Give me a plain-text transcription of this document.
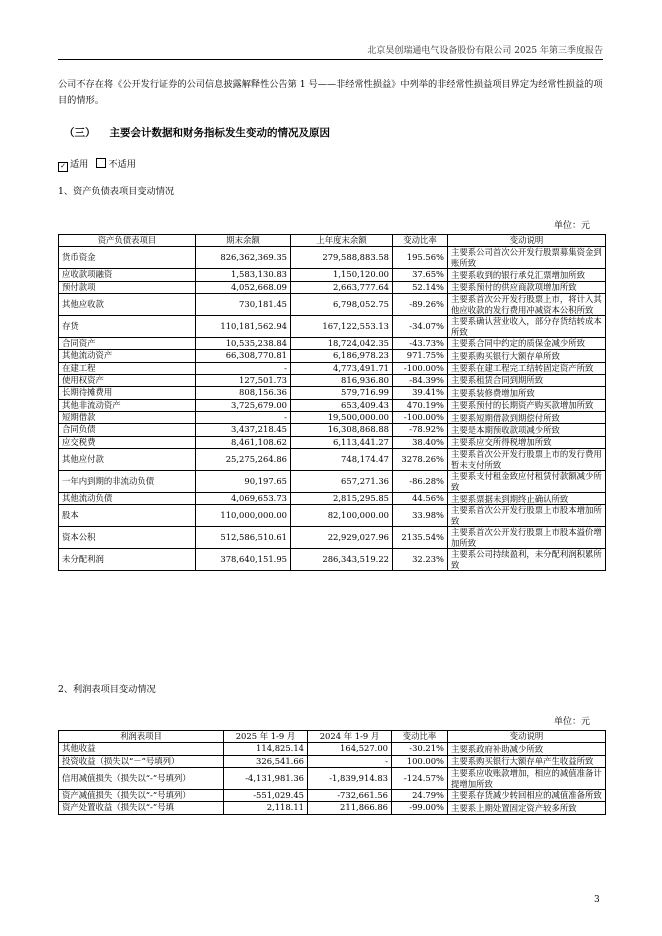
北京昊创瑞通电气设备股份有限公司 2025 年第三季度报告
公司不存在将《公开发行证券的公司信息披露解释性公告第 1 号——非经常性损益》中列举的非经常性损益项目界定为经常性损益的项目的情形。
（三） 主要会计数据和财务指标发生变动的情况及原因
✓ 适用 不适用
1、资产负债表项目变动情况
单位：元
资产负债表项目	期末余额	上年度末余额	变动比率	变动说明
货币资金	826,362,369.35	279,588,883.58	195.56%	主要系公司首次公开发行股票募集资金到账所致
应收款项融资	1,583,130.83	1,150,120.00	37.65%	主要系收到的银行承兑汇票增加所致
预付款项	4,052,668.09	2,663,777.64	52.14%	主要系预付的供应商款项增加所致
其他应收款	730,181.45	6,798,052.75	-89.26%	主要系首次公开发行股票上市，将计入其他应收款的发行费用冲减资本公积所致
存货	110,181,562.94	167,122,553.13	-34.07%	主要系确认营业收入，部分存货结转成本所致
合同资产	10,535,238.84	18,724,042.35	-43.73%	主要系合同中约定的质保金减少所致
其他流动资产	66,308,770.81	6,186,978.23	971.75%	主要系购买银行大额存单所致
在建工程	-	4,773,491.71	-100.00%	主要系在建工程完工结转固定资产所致
使用权资产	127,501.73	816,936.80	-84.39%	主要系租赁合同到期所致
长期待摊费用	808,156.36	579,716.99	39.41%	主要系装修费增加所致
其他非流动资产	3,725,679.00	653,409.43	470.19%	主要系预付的长期资产购买款增加所致
短期借款	-	19,500,000.00	-100.00%	主要系短期借款到期偿付所致
合同负债	3,437,218.45	16,308,868.88	-78.92%	主要是本期预收款项减少所致
应交税费	8,461,108.62	6,113,441.27	38.40%	主要系应交所得税增加所致
其他应付款	25,275,264.86	748,174.47	3278.26%	主要系首次公开发行股票上市的发行费用暂未支付所致
一年内到期的非流动负债	90,197.65	657,271.36	-86.28%	主要系支付租金致应付租赁付款额减少所致
其他流动负债	4,069,653.73	2,815,295.85	44.56%	主要系票据未到期终止确认所致
股本	110,000,000.00	82,100,000.00	33.98%	主要系首次公开发行股票上市股本增加所致
资本公积	512,586,510.61	22,929,027.96	2135.54%	主要系首次公开发行股票上市股本溢价增加所致
未分配利润	378,640,151.95	286,343,519.22	32.23%	主要系公司持续盈利，未分配利润积累所致
2、利润表项目变动情况
单位：元
利润表项目	2025 年 1-9 月	2024 年 1-9 月	变动比率	变动说明
其他收益	114,825.14	164,527.00	-30.21%	主要系政府补助减少所致
投资收益（损失以“－”号填列）	326,541.66	-	100.00%	主要系购买银行大额存单产生收益所致
信用减值损失（损失以“-”号填列）	-4,131,981.36	-1,839,914.83	-124.57%	主要系应收账款增加，相应的减值准备计提增加所致
资产减值损失（损失以“-”号填列）	-551,029.45	-732,661.56	24.79%	主要系存货减少转回相应的减值准备所致
资产处置收益（损失以“-”号填	2,118.11	211,866.86	-99.00%	主要系上期处置固定资产较多所致
3
